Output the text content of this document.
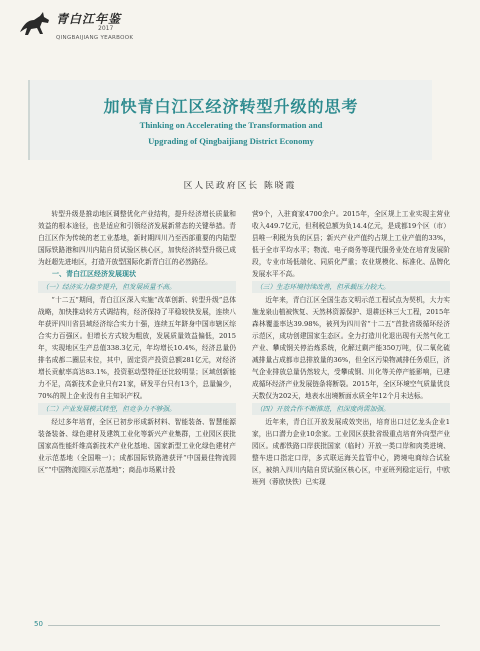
青白江年鉴
2017
QINGBAIJIANG YEARBOOK
加快青白江区经济转型升级的思考
Thinking on Accelerating the Transformation and
Upgrading of Qingbaijiang District Economy
区人民政府区长 陈晓霞

转型升级是推动地区调整优化产业结构，提升经济增长质量和效益的根本途径，也是适应和引领经济发展新常态的关键举措。青白江区作为传统的老工业基地，新时期四川乃至西部重要的内陆型国际铁路港和四川内陆自贸试验区核心区，加快经济转型升级已成为赶超先进地区，打造开放型国际化新青白江的必然路径。

一、青白江区经济发展现状

（一）经济实力稳步提升，但发展质量不高。

“十二五”期间，青白江区深入实施“改革创新、转型升级”总体战略，加快推动转方式调结构，经济保持了平稳较快发展，连续八年获评四川省县域经济综合实力十强，连续五年跻身中国市辖区综合实力百强区。但增长方式较为粗放，发展质量效益偏低，2015年，实现地区生产总值338.3亿元，年均增长10.4%，经济总量仍排名成都二圈层末位，其中，固定资产投资总额281亿元，对经济增长贡献率高达83.1%，投资驱动型特征还比较明显；区域创新能力不足，高新技术企业只有21家，研发平台只有13个，总量偏少，70%的规上企业没有自主知识产权。

（二）产业发展模式转型，但竞争力不够强。

经过多年培育，全区已初步形成新材料、智能装备、智慧能源装备装备、绿色建材及建筑工业化等新兴产业集群，工业园区获批国家高性能纤维高新技术产业化基地、国家新型工业化绿色建材产业示范基地（全国唯一）；成都国际铁路港获评“中国最佳物流园区”“中国物流园区示范基地”；商品市场累计投

营9个，入驻商家4700余户。2015年，全区规上工业实现主营业收入449.7亿元，但利税总额为负14.4亿元，是成都19个区（市）县唯一利税为负的区县；新兴产业产值约占规上工业产值的33%，低于全市平均水平；物流、电子商务等现代服务业处在培育发展阶段，专业市场低端化、同质化严重；农业规模化、标准化、品牌化发展水平不高。

（三）生态环境持续改善，但承载压力较大。

近年来，青白江区全国生态文明示范工程试点为契机，大力实施龙泉山植被恢复、天然林资源保护、退耕还林三大工程，2015年森林覆盖率达39.98%，被列为四川省“十二五”首批省级循环经济示范区，成功创建国家生态区。全力打造川化退出现有天然气化工产业、攀成钢关停治炼系统，化解过剩产能350万吨，仅二氧化硫减排量占成都市总排放量的36%，但全区污染物减排任务艰巨，济气企业排放总量仍然较大，受攀成钢、川化等关停产能影响，已建成循环经济产业发展链条将断裂。2015年，全区环境空气质量优良天数仅为202天，地表水出境断面水质全年12个月未达标。

（四）开放合作不断推进，但深度尚需加强。

近年来，青白江开放发展成效突出，培育出口过亿龙头企业1家，出口潜力企业10余家。工业园区获批省级重点培育外向型产业园区。成都铁路口岸获批国家（临时）开放一类口岸和肉类进境、整车进口指定口岸，多式联运海关监管中心，跨境电商综合试验区，被纳入四川内陆自贸试验区核心区，中亚班列稳定运行，中欧班列（蓉欧快铁）已实现

50
